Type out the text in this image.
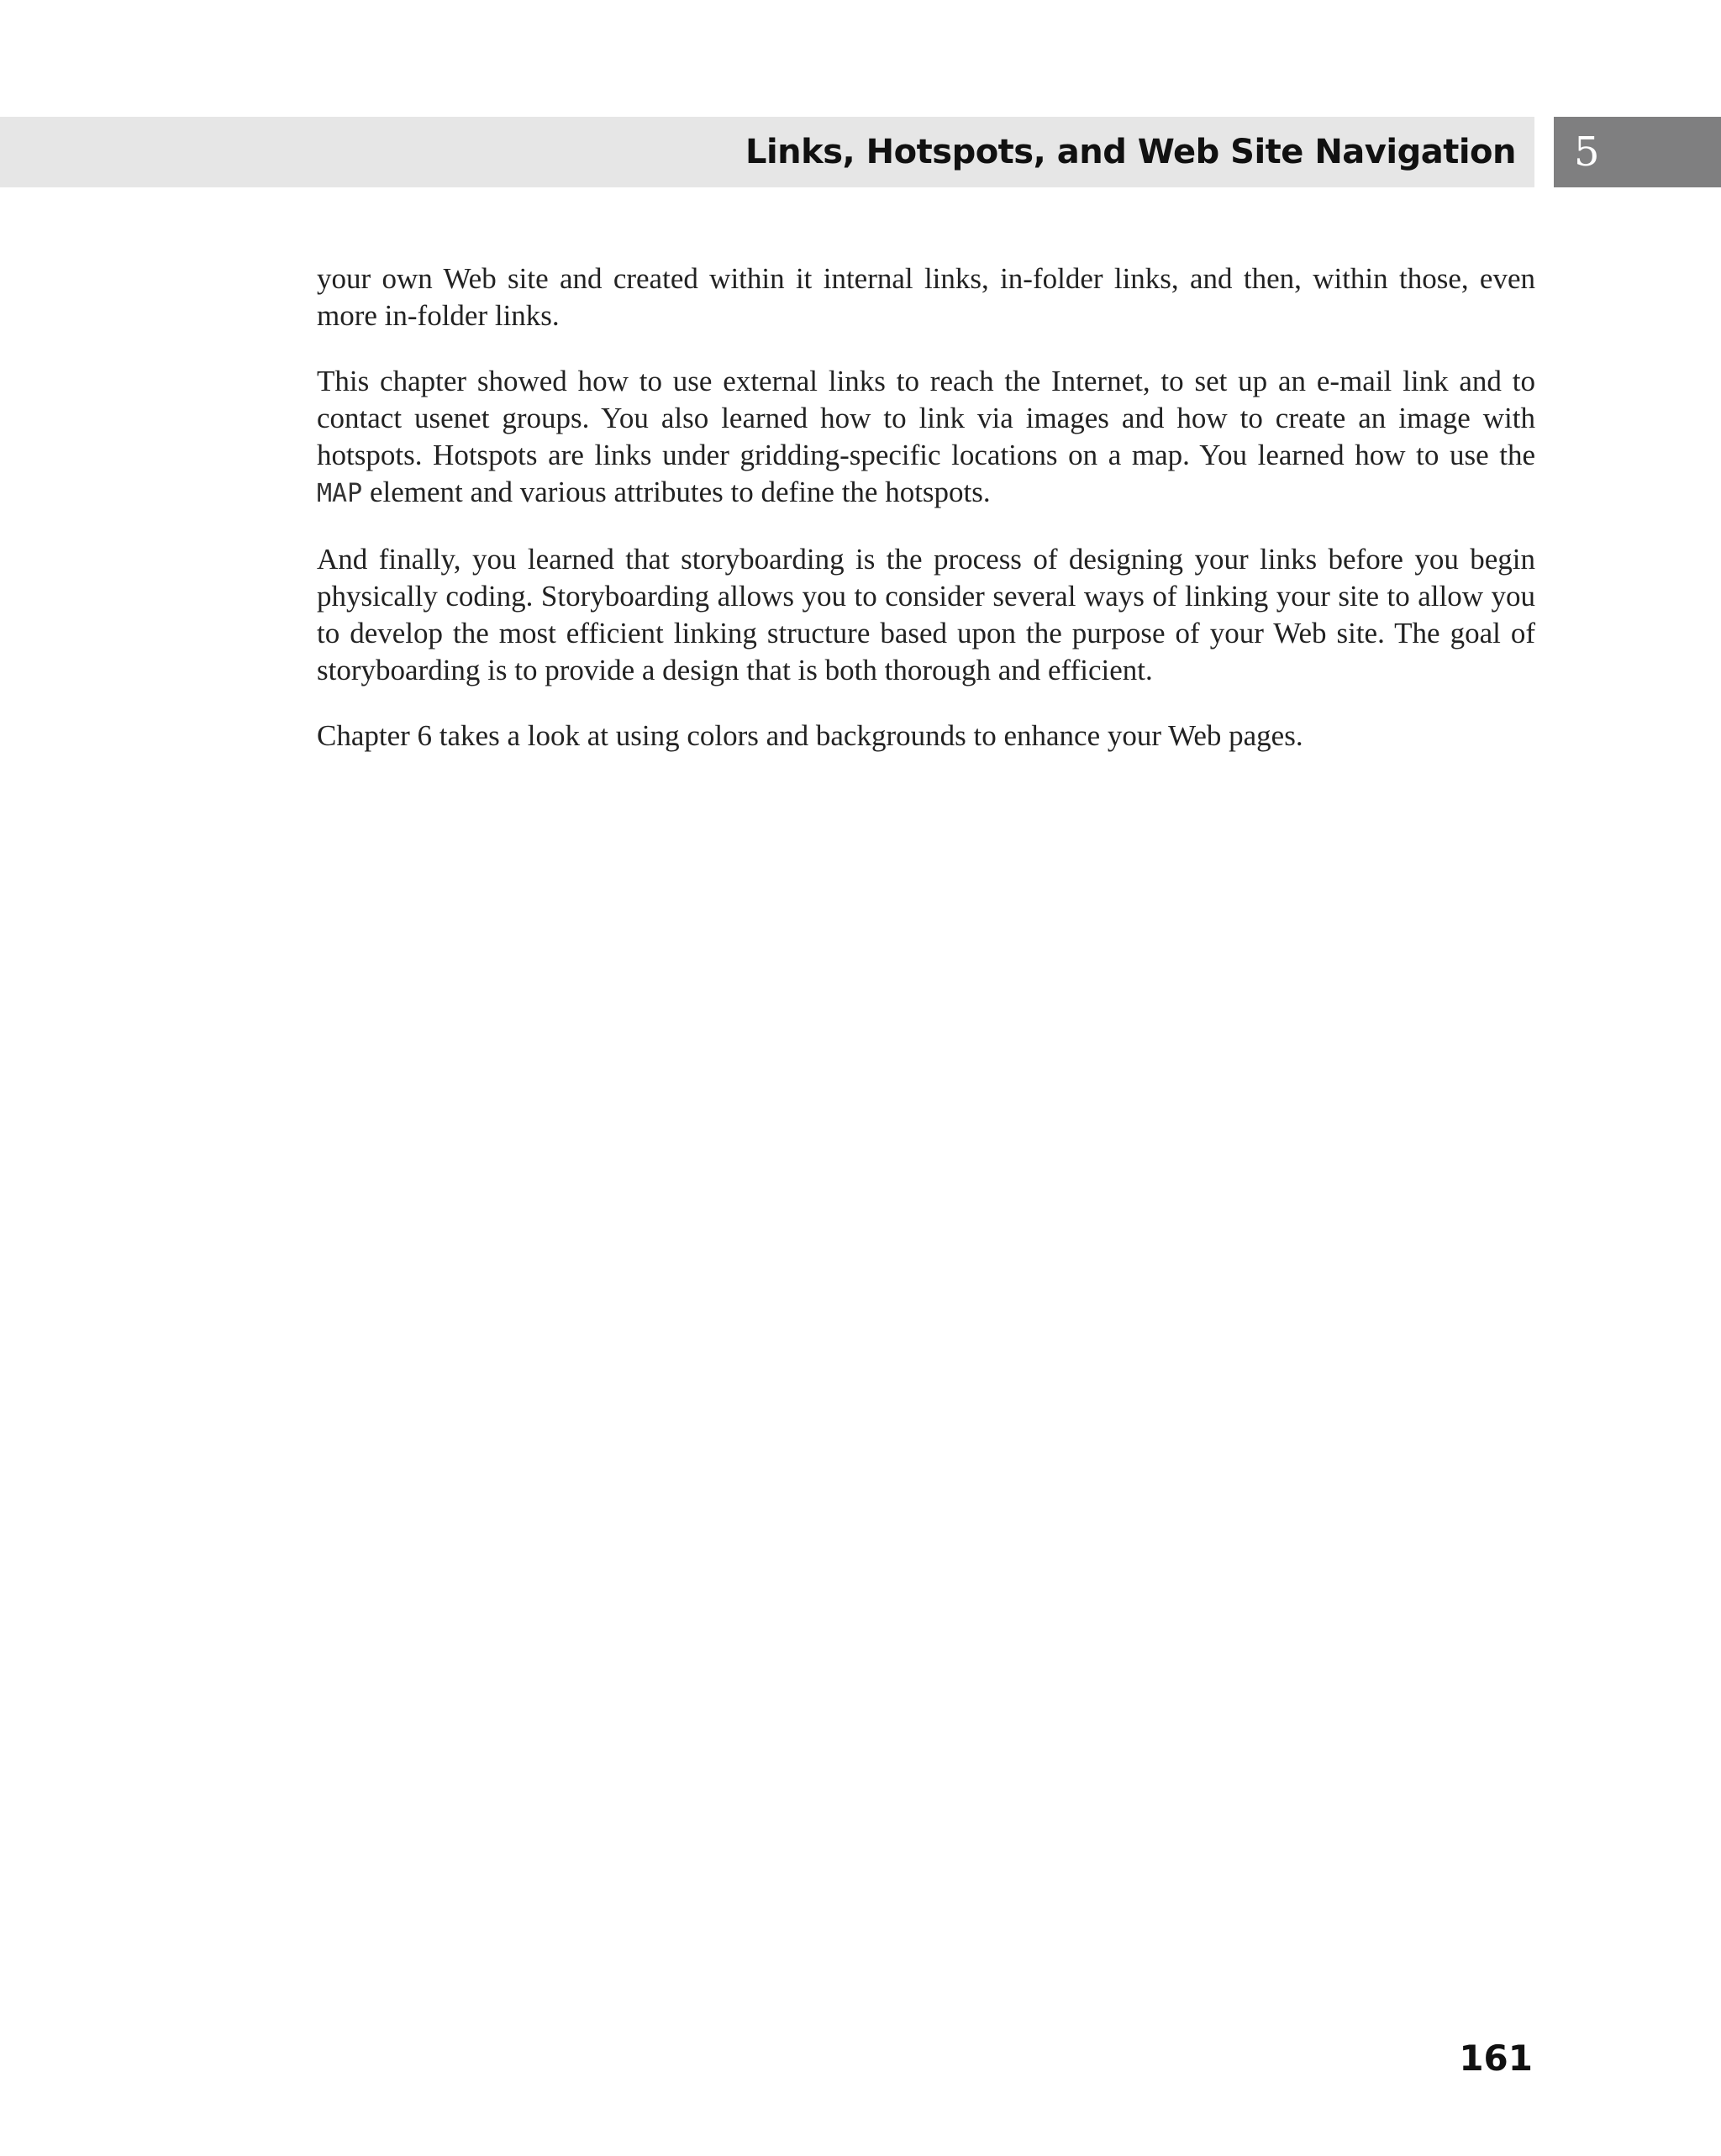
Links, Hotspots, and Web Site Navigation 5

your own Web site and created within it internal links, in-folder links, and then, within those, even more in-folder links.

This chapter showed how to use external links to reach the Internet, to set up an e-mail link and to contact usenet groups. You also learned how to link via images and how to create an image with hotspots. Hotspots are links under gridding-specific locations on a map. You learned how to use the MAP element and various attributes to define the hotspots.

And finally, you learned that storyboarding is the process of designing your links before you begin physically coding. Storyboarding allows you to consider several ways of linking your site to allow you to develop the most efficient linking structure based upon the purpose of your Web site. The goal of storyboarding is to provide a design that is both thorough and efficient.

Chapter 6 takes a look at using colors and backgrounds to enhance your Web pages.

161
